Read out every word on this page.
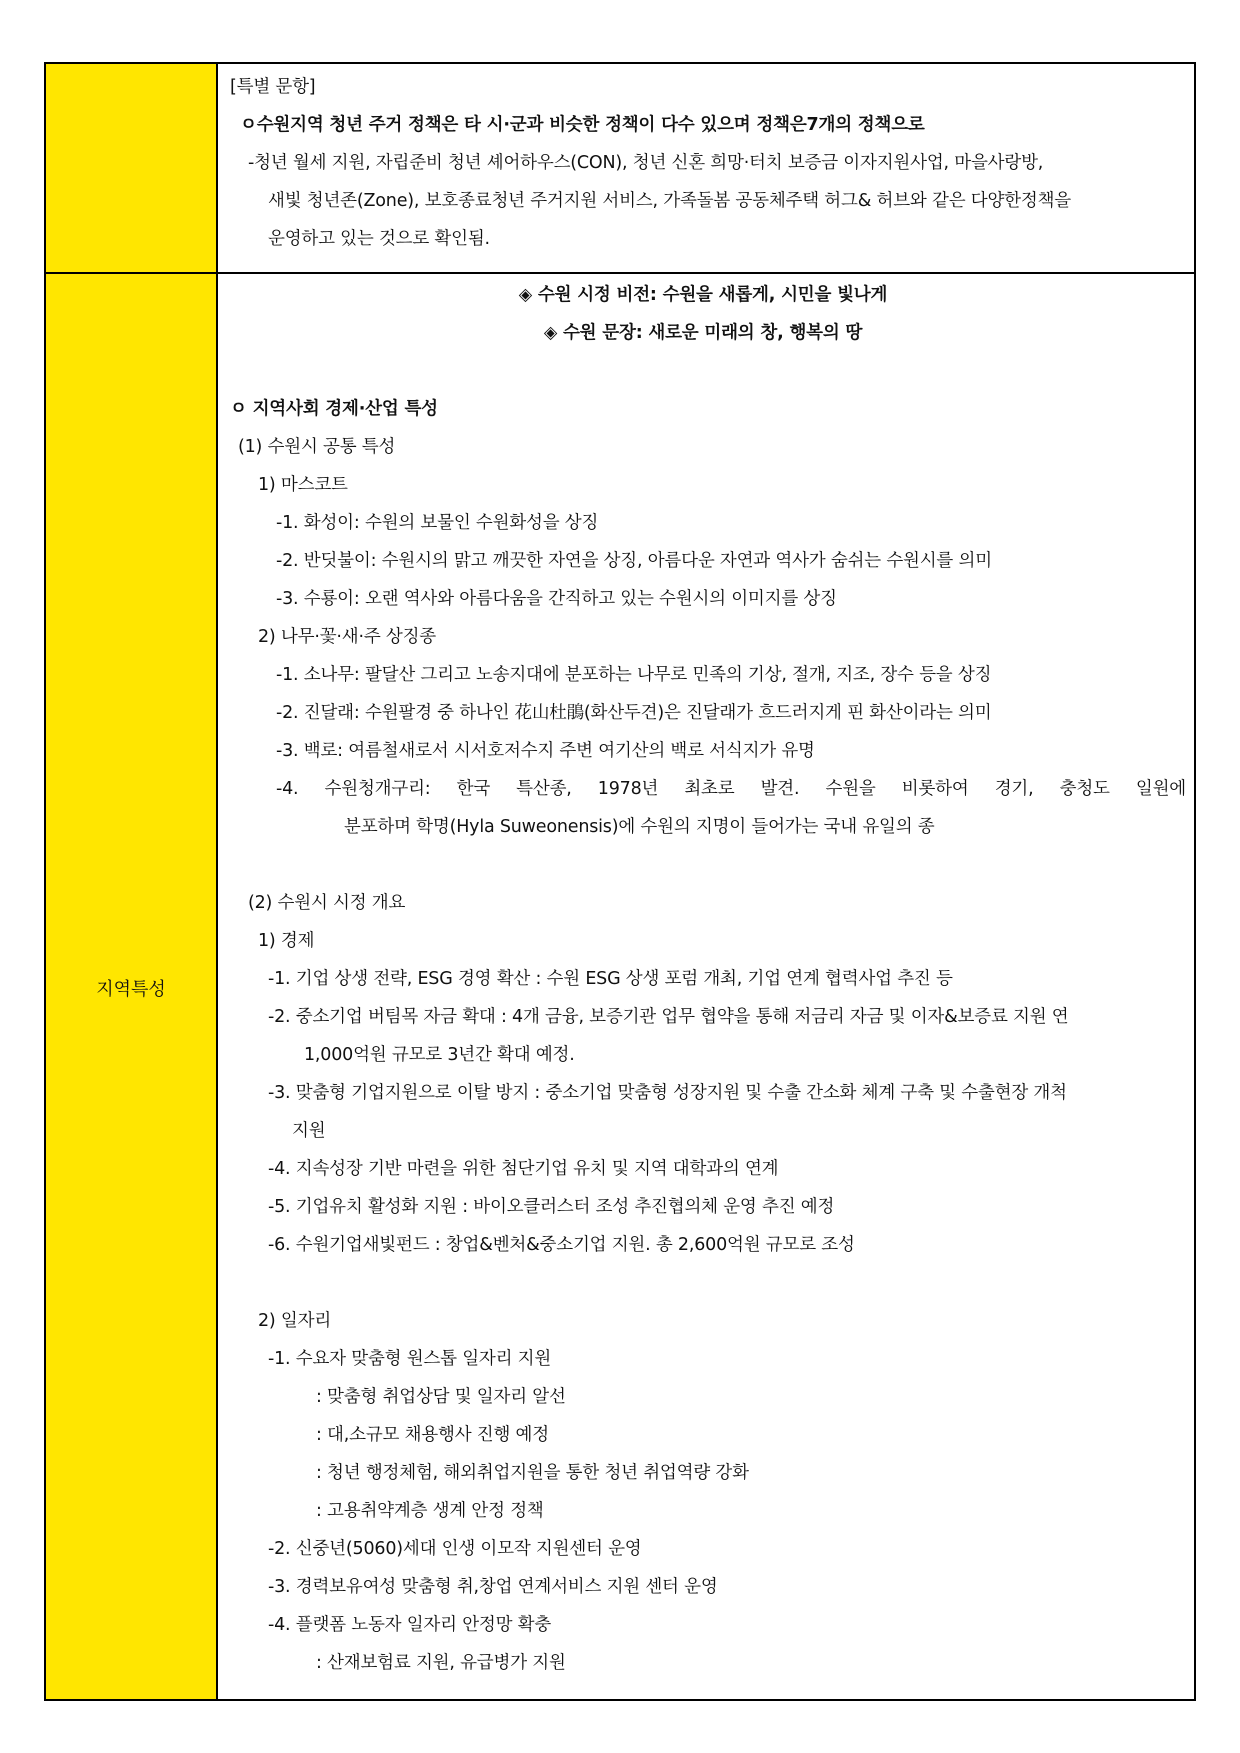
[특별 문항]
ㅇ수원지역 청년 주거 정책은 타 시·군과 비슷한 정책이 다수 있으며 정책은7개의 정책으로
-청년 월세 지원, 자립준비 청년 셰어하우스(CON), 청년 신혼 희망·터치 보증금 이자지원사업, 마을사랑방,
새빛 청년존(Zone), 보호종료청년 주거지원 서비스, 가족돌봄 공동체주택 허그& 허브와 같은 다양한정책을
운영하고 있는 것으로 확인됨.
지역특성
◈ 수원 시정 비전: 수원을 새롭게, 시민을 빛나게
◈ 수원 문장: 새로운 미래의 창, 행복의 땅
ㅇ 지역사회 경제·산업 특성
(1) 수원시 공통 특성
1) 마스코트
-1. 화성이: 수원의 보물인 수원화성을 상징
-2. 반딧불이: 수원시의 맑고 깨끗한 자연을 상징, 아름다운 자연과 역사가 숨쉬는 수원시를 의미
-3. 수룡이: 오랜 역사와 아름다움을 간직하고 있는 수원시의 이미지를 상징
2) 나무·꽃·새·주 상징종
-1. 소나무: 팔달산 그리고 노송지대에 분포하는 나무로 민족의 기상, 절개, 지조, 장수 등을 상징
-2. 진달래: 수원팔경 중 하나인 花山杜鵑(화산두견)은 진달래가 흐드러지게 핀 화산이라는 의미
-3. 백로: 여름철새로서 시서호저수지 주변 여기산의 백로 서식지가 유명
-4. 수원청개구리: 한국 특산종, 1978년 최초로 발견. 수원을 비롯하여 경기, 충청도 일원에
분포하며 학명(Hyla Suweonensis)에 수원의 지명이 들어가는 국내 유일의 종
(2) 수원시 시정 개요
1) 경제
-1. 기업 상생 전략, ESG 경영 확산 : 수원 ESG 상생 포럼 개최, 기업 연계 협력사업 추진 등
-2. 중소기업 버팀목 자금 확대 : 4개 금융, 보증기관 업무 협약을 통해 저금리 자금 및 이자&보증료 지원 연
1,000억원 규모로 3년간 확대 예정.
-3. 맞춤형 기업지원으로 이탈 방지 : 중소기업 맞춤형 성장지원 및 수출 간소화 체계 구축 및 수출현장 개척
지원
-4. 지속성장 기반 마련을 위한 첨단기업 유치 및 지역 대학과의 연계
-5. 기업유치 활성화 지원 : 바이오클러스터 조성 추진협의체 운영 추진 예정
-6. 수원기업새빛펀드 : 창업&벤처&중소기업 지원. 총 2,600억원 규모로 조성
2) 일자리
-1. 수요자 맞춤형 원스톱 일자리 지원
: 맞춤형 취업상담 및 일자리 알선
: 대,소규모 채용행사 진행 예정
: 청년 행정체험, 해외취업지원을 통한 청년 취업역량 강화
: 고용취약계층 생계 안정 정책
-2. 신중년(5060)세대 인생 이모작 지원센터 운영
-3. 경력보유여성 맞춤형 취,창업 연계서비스 지원 센터 운영
-4. 플랫폼 노동자 일자리 안정망 확충
: 산재보험료 지원, 유급병가 지원
